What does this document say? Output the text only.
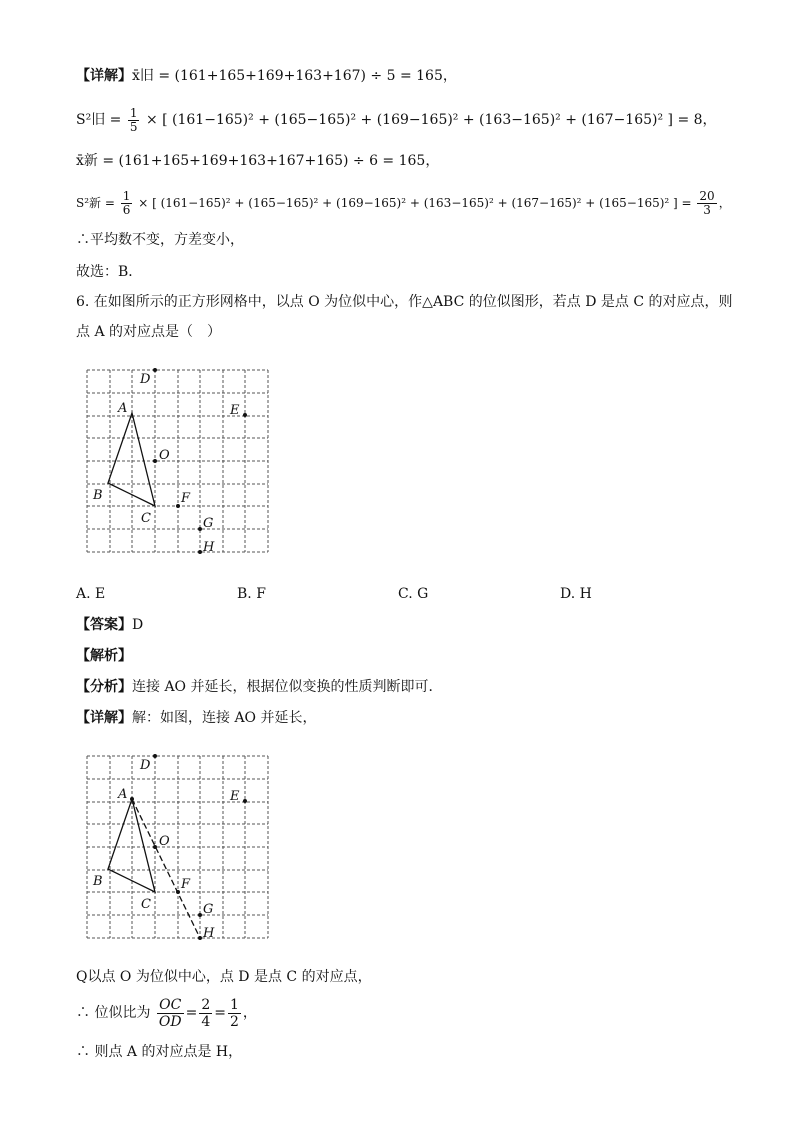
【详解】x̄旧 = (161+165+169+163+167) ÷ 5 = 165，
S²旧 = $\frac{1}{5}$ × [ (161−165)² + (165−165)² + (169−165)² + (163−165)² + (167−165)² ] = 8，
x̄新 = (161+165+169+163+167+165) ÷ 6 = 165，
S²新 = $\frac{1}{6}$ × [ (161−165)² + (165−165)² + (169−165)² + (163−165)² + (167−165)² + (165−165)² ] = $\frac{20}{3}$ ，
∴平均数不变，方差变小，
故选：B．
6. 在如图所示的正方形网格中，以点 O 为位似中心，作△ABC 的位似图形，若点 D 是点 C 的对应点，则
点 A 的对应点是（　）
D
A	E
O
B
C
F
G
H
A. E	B. F	C. G	D. H
【答案】D
【解析】
【分析】连接 AO 并延长，根据位似变换的性质判断即可．
【详解】解：如图，连接 AO 并延长，
D
A	E
O
B
C
F
G
H
Q以点 O 为位似中心，点 D 是点 C 的对应点，
∴ 位似比为 $\frac{OC}{OD} = \frac{2}{4} = \frac{1}{2}$ ，
∴ 则点 A 的对应点是 H，
